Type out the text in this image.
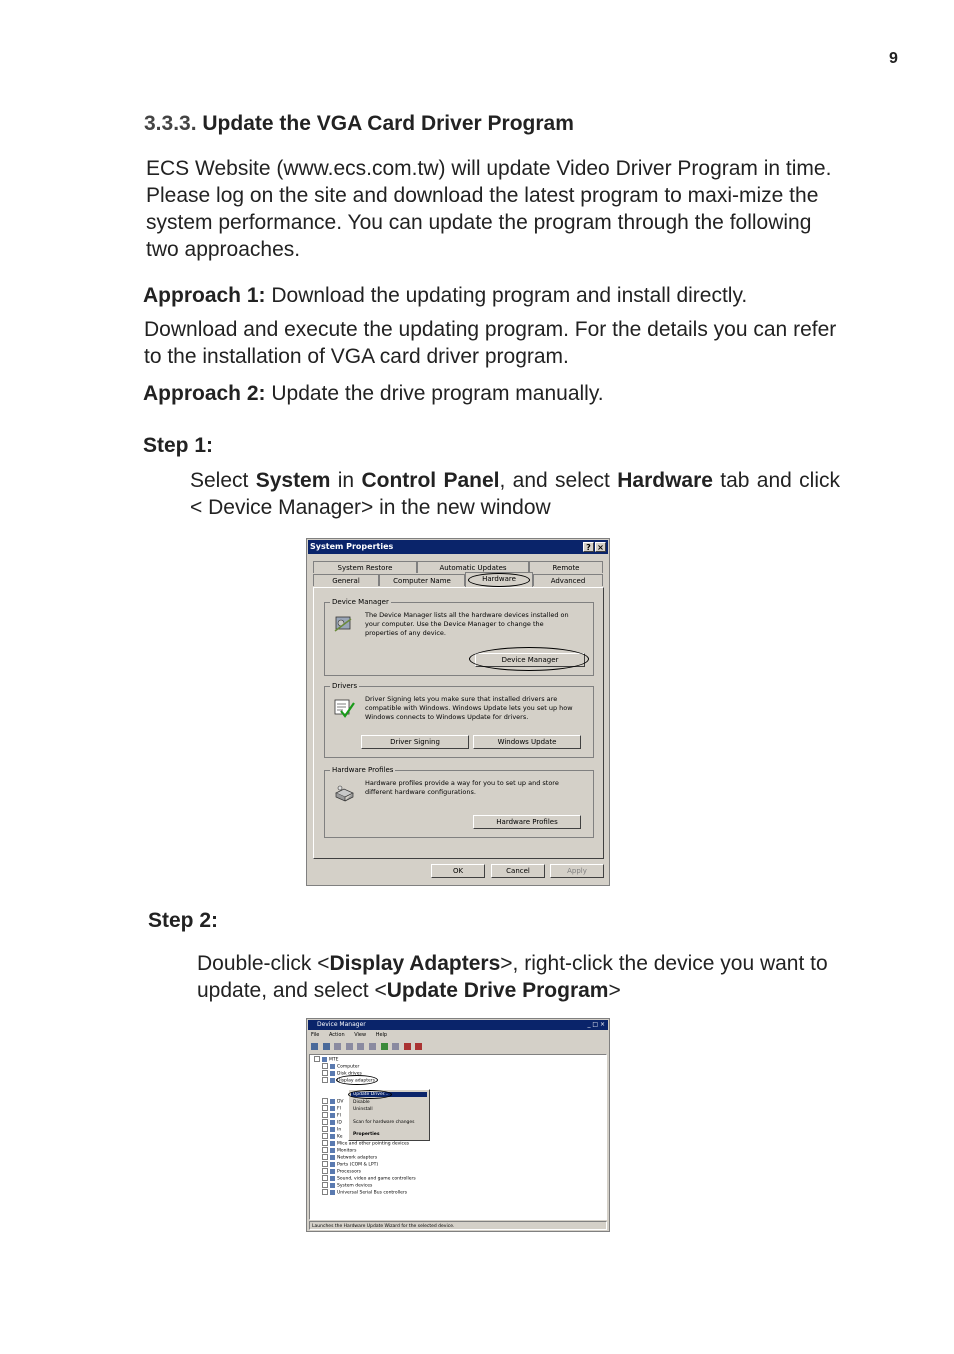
9
3.3.3. Update the VGA Card Driver Program
ECS Website (www.ecs.com.tw) will update Video Driver Program in time. Please log on the site and download the latest program to maxi-mize the system performance. You can update the program through the following two approaches.
Approach 1: Download the updating program and install directly.
Download and execute the updating program. For the details you can refer to the installation of VGA card driver program.
Approach 2: Update the drive program manually.
Step 1:
Select System in Control Panel, and select Hardware tab and click < Device Manager> in the new window
System Properties	? ×
System Restore	Automatic Updates	Remote
General	Computer Name	Hardware	Advanced
Device Manager
The Device Manager lists all the hardware devices installed on your computer. Use the Device Manager to change the properties of any device.
Device Manager
Drivers
Driver Signing lets you make sure that installed drivers are compatible with Windows. Windows Update lets you set up how Windows connects to Windows Update for drivers.
Driver Signing	Windows Update
Hardware Profiles
Hardware profiles provide a way for you to set up and store different hardware configurations.
Hardware Profiles
OK	Cancel	Apply
Step 2:
Double-click <Display Adapters>, right-click the device you want to update, and select <Update Drive Program>
Device Manager	_ □ ×
File Action View Help

MTE
Computer
Disk drives
Display adapters
DV
Fl
Fl
ID
In
Ke
Mice and other pointing devices
Monitors
Network adapters
Ports (COM & LPT)
Processors
Sound, video and game controllers
System devices
Universal Serial Bus controllers
Update Driver...
Disable
Uninstall
Scan for hardware changes
Properties
Launches the Hardware Update Wizard for the selected device.
